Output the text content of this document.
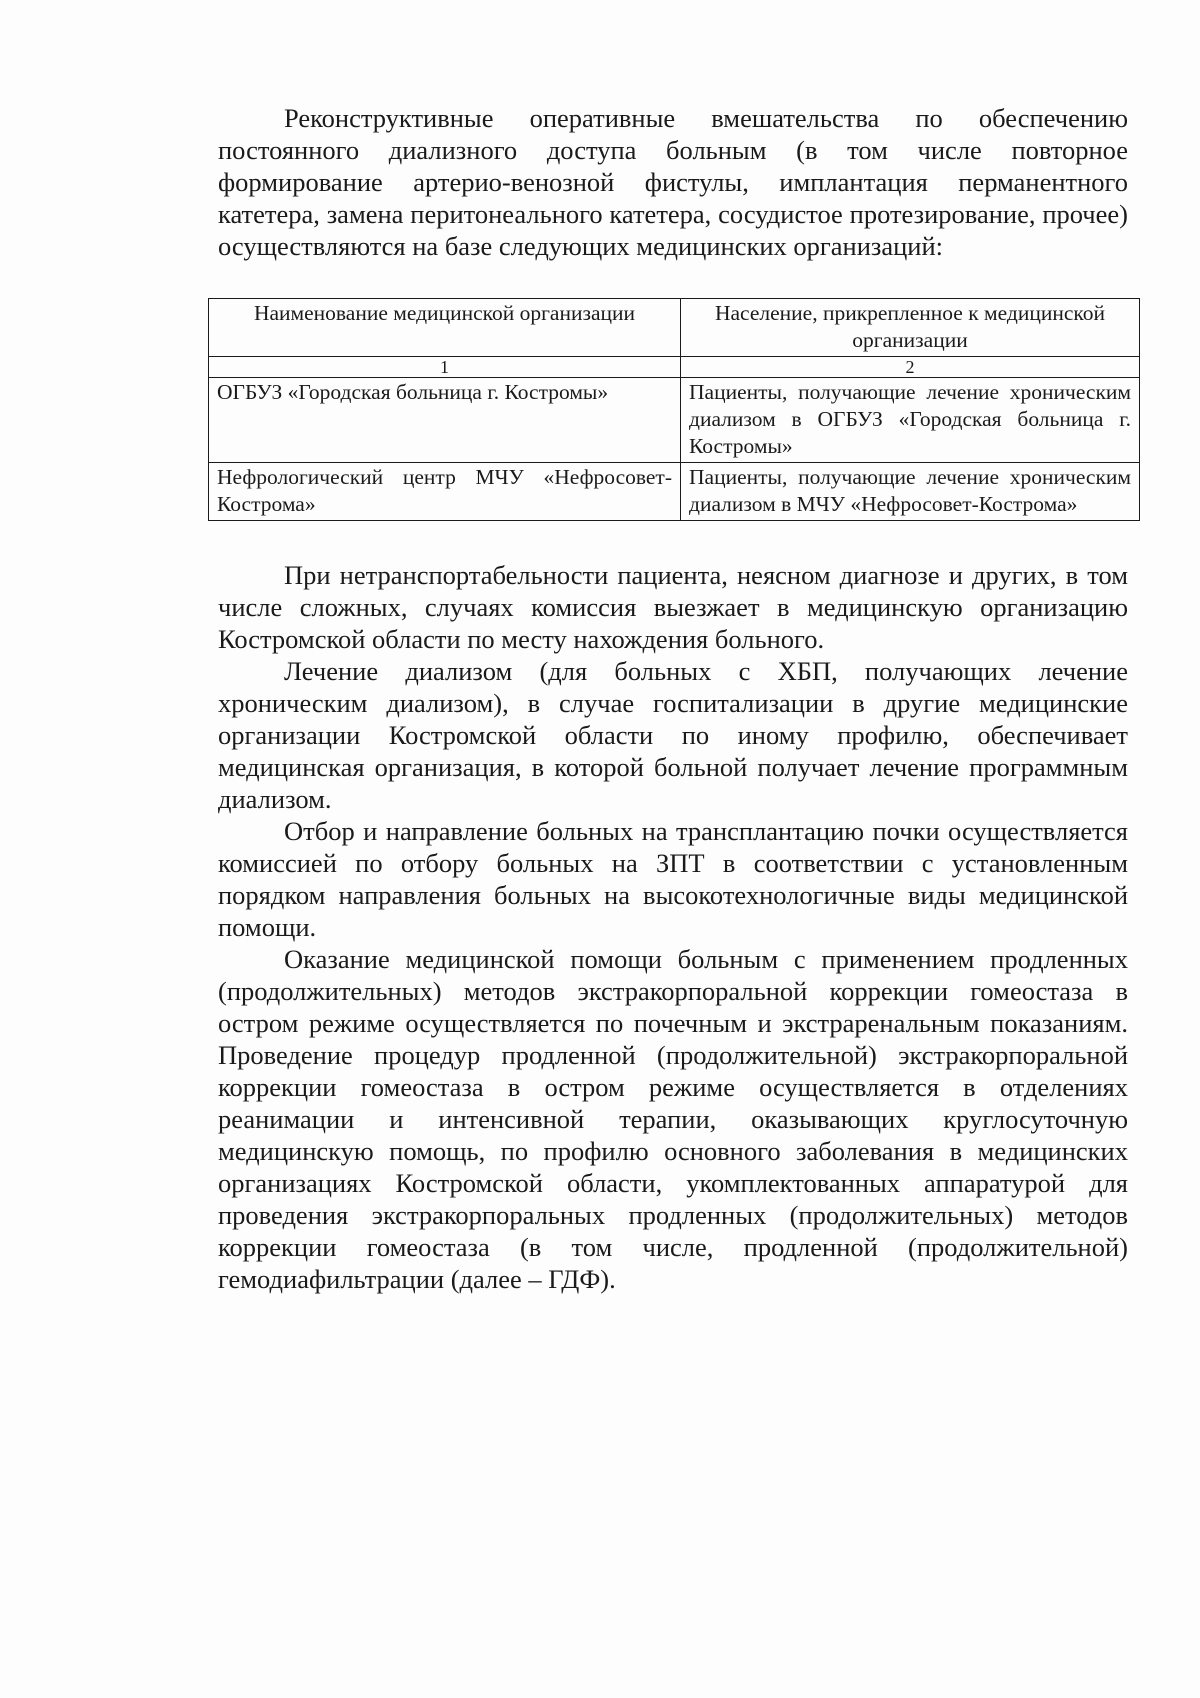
Реконструктивные оперативные вмешательства по обеспечению постоянного диализного доступа больным (в том числе повторное формирование артерио-венозной фистулы, имплантация перманентного катетера, замена перитонеального катетера, сосудистое протезирование, прочее) осуществляются на базе следующих медицинских организаций:

Наименование медицинской организации	Население, прикрепленное к медицинской организации
1	2
ОГБУЗ «Городская больница г. Костромы»	Пациенты, получающие лечение хроническим диализом в ОГБУЗ «Городская больница г. Костромы»
Нефрологический центр МЧУ «Нефросовет-Кострома»	Пациенты, получающие лечение хроническим диализом в МЧУ «Нефросовет-Кострома»

При нетранспортабельности пациента, неясном диагнозе и других, в том числе сложных, случаях комиссия выезжает в медицинскую организацию Костромской области по месту нахождения больного.

Лечение диализом (для больных с ХБП, получающих лечение хроническим диализом), в случае госпитализации в другие медицинские организации Костромской области по иному профилю, обеспечивает медицинская организация, в которой больной получает лечение программным диализом.

Отбор и направление больных на трансплантацию почки осуществляется комиссией по отбору больных на ЗПТ в соответствии с установленным порядком направления больных на высокотехнологичные виды медицинской помощи.

Оказание медицинской помощи больным с применением продленных (продолжительных) методов экстракорпоральной коррекции гомеостаза в остром режиме осуществляется по почечным и экстраренальным показаниям. Проведение процедур продленной (продолжительной) экстракорпоральной коррекции гомеостаза в остром режиме осуществляется в отделениях реанимации и интенсивной терапии, оказывающих круглосуточную медицинскую помощь, по профилю основного заболевания в медицинских организациях Костромской области, укомплектованных аппаратурой для проведения экстракорпоральных продленных (продолжительных) методов коррекции гомеостаза (в том числе, продленной (продолжительной) гемодиафильтрации (далее – ГДФ).
